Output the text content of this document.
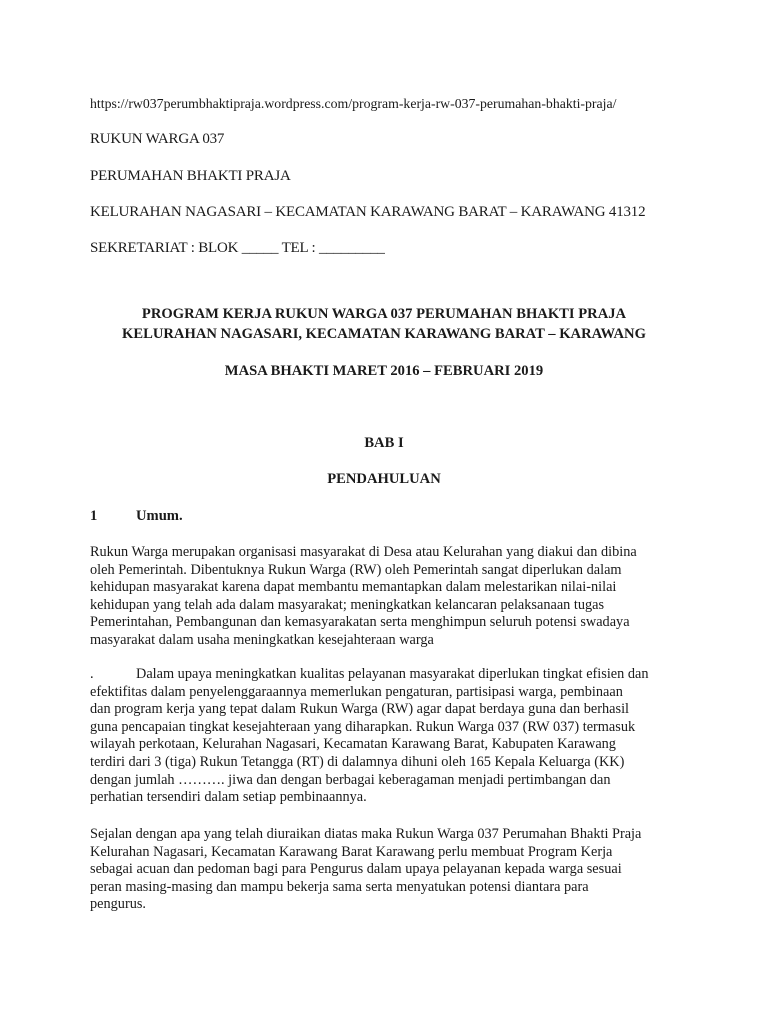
https://rw037perumbhaktipraja.wordpress.com/program-kerja-rw-037-perumahan-bhakti-praja/

RUKUN WARGA 037

PERUMAHAN BHAKTI PRAJA

KELURAHAN NAGASARI – KECAMATAN KARAWANG BARAT – KARAWANG 41312

SEKRETARIAT : BLOK _____ TEL : _________

PROGRAM KERJA RUKUN WARGA 037 PERUMAHAN BHAKTI PRAJA

KELURAHAN NAGASARI, KECAMATAN KARAWANG BARAT – KARAWANG

MASA BHAKTI MARET 2016 – FEBRUARI 2019

BAB I

PENDAHULUAN

1	Umum.
Rukun Warga merupakan organisasi masyarakat di Desa atau Kelurahan yang diakui dan dibina
oleh Pemerintah. Dibentuknya Rukun Warga (RW) oleh Pemerintah sangat diperlukan dalam
kehidupan masyarakat karena dapat membantu memantapkan dalam melestarikan nilai-nilai
kehidupan yang telah ada dalam masyarakat; meningkatkan kelancaran pelaksanaan tugas
Pemerintahan, Pembangunan dan kemasyarakatan serta menghimpun seluruh potensi swadaya
masyarakat dalam usaha meningkatkan kesejahteraan warga
.	Dalam upaya meningkatkan kualitas pelayanan masyarakat diperlukan tingkat efisien dan
efektifitas dalam penyelenggaraannya memerlukan pengaturan, partisipasi warga, pembinaan
dan program kerja yang tepat dalam Rukun Warga (RW) agar dapat berdaya guna dan berhasil
guna pencapaian tingkat kesejahteraan yang diharapkan. Rukun Warga 037 (RW 037) termasuk
wilayah perkotaan, Kelurahan Nagasari, Kecamatan Karawang Barat, Kabupaten Karawang
terdiri dari 3 (tiga) Rukun Tetangga (RT) di dalamnya dihuni oleh 165 Kepala Keluarga (KK)
dengan jumlah ………. jiwa dan dengan berbagai keberagaman menjadi pertimbangan dan
perhatian tersendiri dalam setiap pembinaannya.
Sejalan dengan apa yang telah diuraikan diatas maka Rukun Warga 037 Perumahan Bhakti Praja
Kelurahan Nagasari, Kecamatan Karawang Barat Karawang perlu membuat Program Kerja
sebagai acuan dan pedoman bagi para Pengurus dalam upaya pelayanan kepada warga sesuai
peran masing-masing dan mampu bekerja sama serta menyatukan potensi diantara para
pengurus.
